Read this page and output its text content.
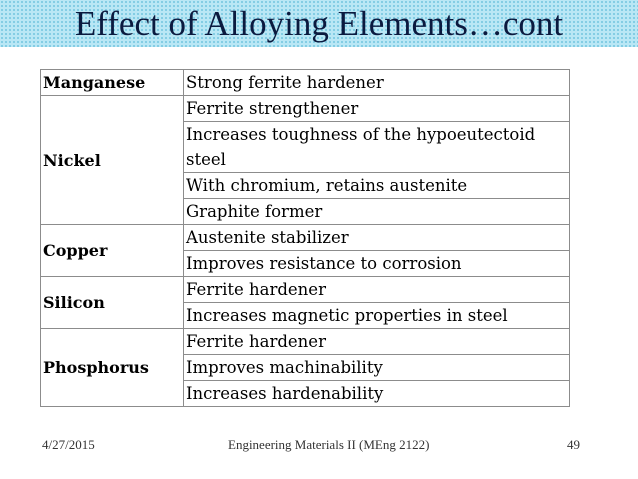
Effect of Alloying Elements…cont
Manganese	Strong ferrite hardener
Nickel	Ferrite strengthener
	Increases toughness of the hypoeutectoid steel
	With chromium, retains austenite
	Graphite former
Copper	Austenite stabilizer
	Improves resistance to corrosion
Silicon	Ferrite hardener
	Increases magnetic properties in steel
Phosphorus	Ferrite hardener
	Improves machinability
	Increases hardenability
4/27/2015	Engineering Materials II (MEng 2122)	49
